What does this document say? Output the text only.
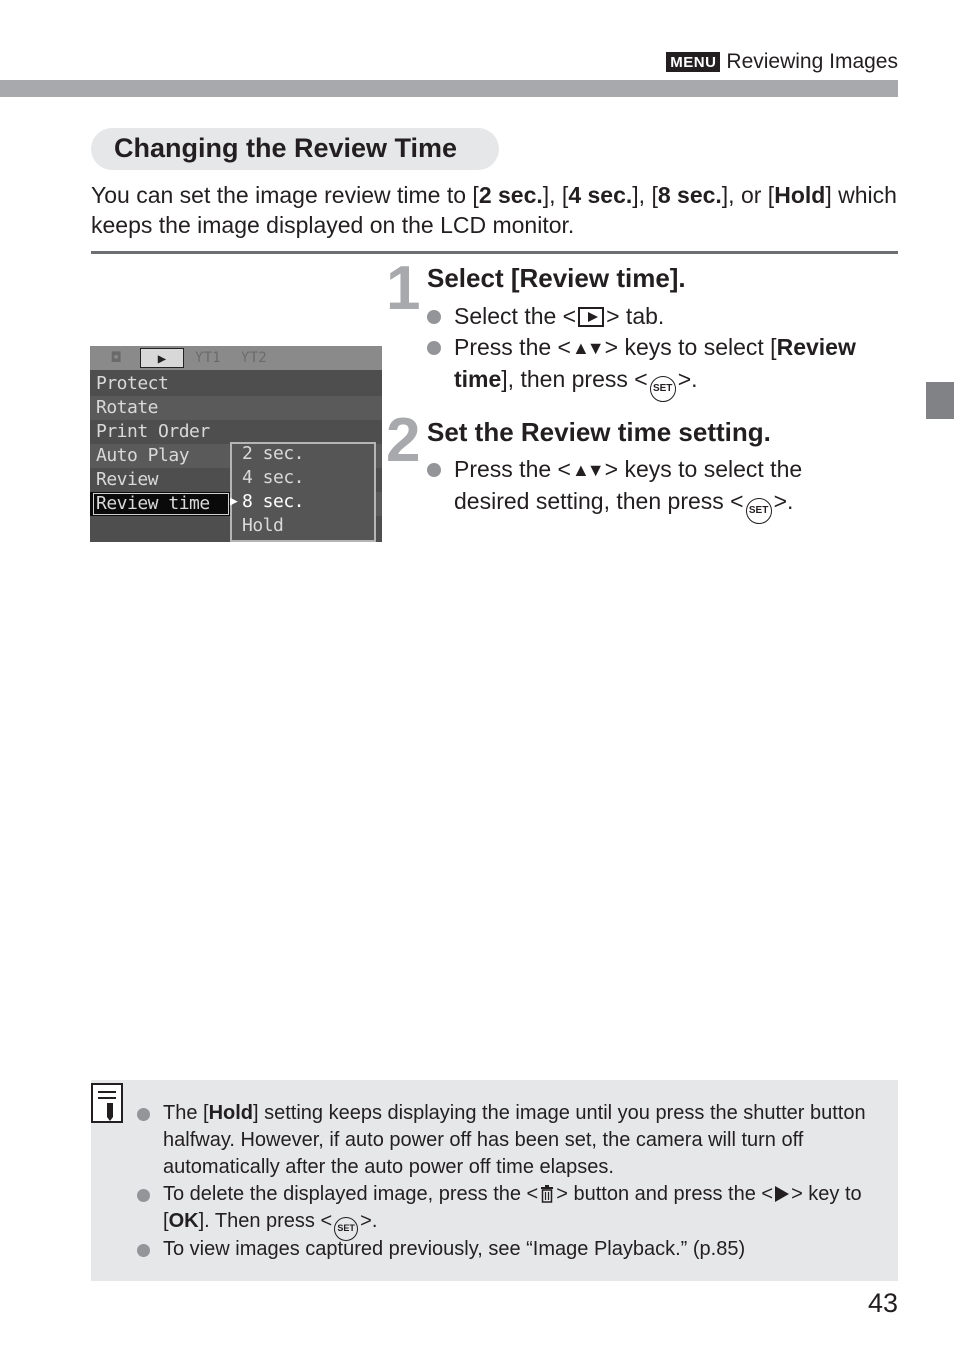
MENU Reviewing Images
Changing the Review Time
You can set the image review time to [2 sec.], [4 sec.], [8 sec.], or [Hold] which keeps the image displayed on the LCD monitor.
◘	▶	ƳT1	ƳT2
Protect
Rotate
Print Order
Auto Play
Review
Review time
2 sec.
4 sec.
8 sec.
Hold
▶
1 Select [Review time].
Select the < > tab.
Press the <▲▼ > keys to select [Review time], then press < SET >.
2 Set the Review time setting.
Press the <▲▼ > keys to select the desired setting, then press < SET >.
The [Hold] setting keeps displaying the image until you press the shutter button halfway. However, if auto power off has been set, the camera will turn off automatically after the auto power off time elapses.
To delete the displayed image, press the < > button and press the < > key to [OK]. Then press < SET >.
To view images captured previously, see “Image Playback.” (p.85)
43
